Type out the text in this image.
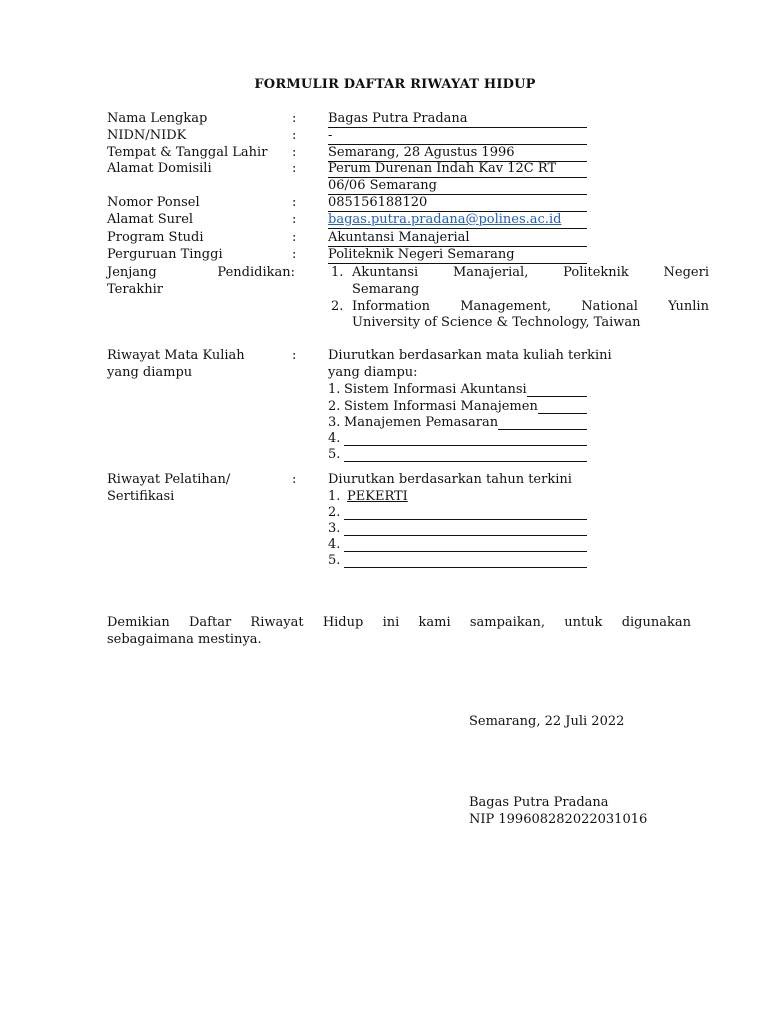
FORMULIR DAFTAR RIWAYAT HIDUP
Nama Lengkap	: Bagas Putra Pradana
NIDN/NIDK	: -
Tempat & Tanggal Lahir : Semarang, 28 Agustus 1996
Alamat Domisili	: Perum Durenan Indah Kav 12C RT
06/06 Semarang
Nomor Ponsel	: 085156188120
Alamat Surel	: bagas.putra.pradana@polines.ac.id
Program Studi	: Akuntansi Manajerial
Perguruan Tinggi	: Politeknik Negeri Semarang
Jenjang	Pendidikan:
Terakhir
1. Akuntansi	Manajerial,	Politeknik	Negeri
Semarang
2. Information Management, National Yunlin
University of Science & Technology, Taiwan
Riwayat Mata Kuliah
yang diampu
: Diurutkan berdasarkan mata kuliah terkini
yang diampu:
1. Sistem Informasi Akuntansi
2. Sistem Informasi Manajemen
3. Manajemen Pemasaran
4.
5.
Riwayat Pelatihan/
Sertifikasi
: Diurutkan berdasarkan tahun terkini
1. PEKERTI
2.
3.
4.
5.
Demikian Daftar Riwayat Hidup ini kami sampaikan, untuk digunakan
sebagaimana mestinya.
Semarang, 22 Juli 2022
Bagas Putra Pradana
NIP 199608282022031016
